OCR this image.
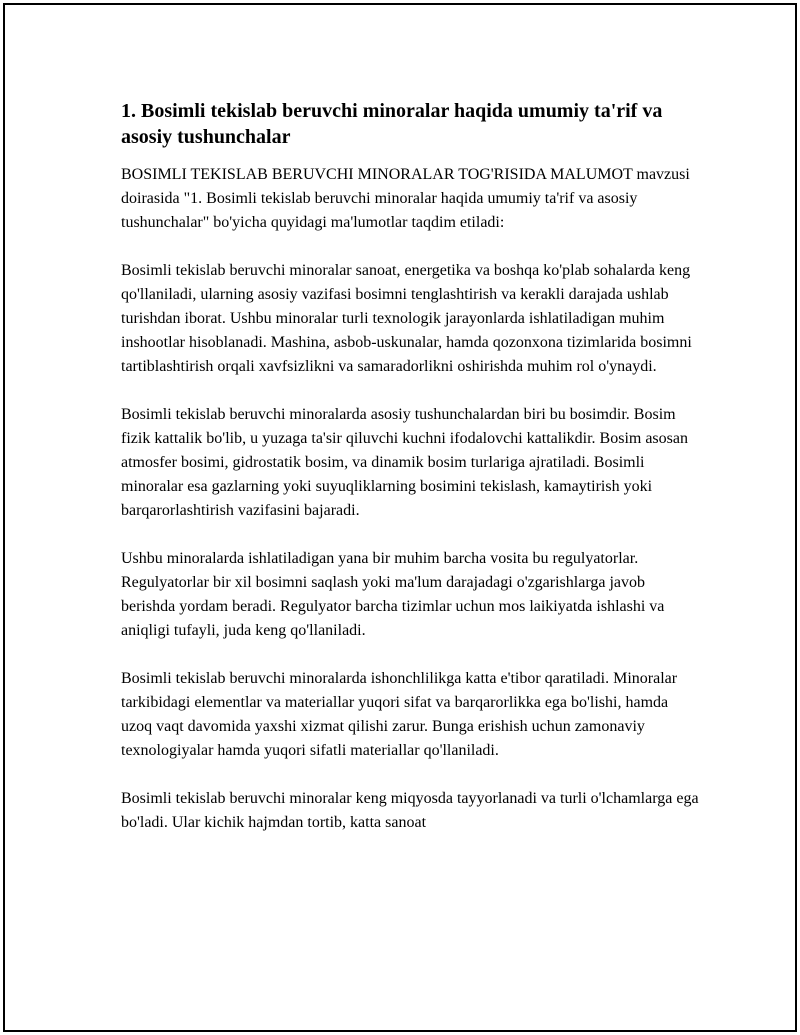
1. Bosimli tekislab beruvchi minoralar haqida umumiy ta'rif va asosiy tushunchalar

BOSIMLI TEKISLAB BERUVCHI MINORALAR TOG'RISIDA MALUMOT mavzusi doirasida "1. Bosimli tekislab beruvchi minoralar haqida umumiy ta'rif va asosiy tushunchalar" bo'yicha quyidagi ma'lumotlar taqdim etiladi:

Bosimli tekislab beruvchi minoralar sanoat, energetika va boshqa ko'plab sohalarda keng qo'llaniladi, ularning asosiy vazifasi bosimni tenglashtirish va kerakli darajada ushlab turishdan iborat. Ushbu minoralar turli texnologik jarayonlarda ishlatiladigan muhim inshootlar hisoblanadi. Mashina, asbob-uskunalar, hamda qozonxona tizimlarida bosimni tartiblashtirish orqali xavfsizlikni va samaradorlikni oshirishda muhim rol o'ynaydi.

Bosimli tekislab beruvchi minoralarda asosiy tushunchalardan biri bu bosimdir. Bosim fizik kattalik bo'lib, u yuzaga ta'sir qiluvchi kuchni ifodalovchi kattalikdir. Bosim asosan atmosfer bosimi, gidrostatik bosim, va dinamik bosim turlariga ajratiladi. Bosimli minoralar esa gazlarning yoki suyuqliklarning bosimini tekislash, kamaytirish yoki barqarorlashtirish vazifasini bajaradi.

Ushbu minoralarda ishlatiladigan yana bir muhim barcha vosita bu regulyatorlar. Regulyatorlar bir xil bosimni saqlash yoki ma'lum darajadagi o'zgarishlarga javob berishda yordam beradi. Regulyator barcha tizimlar uchun mos laikiyatda ishlashi va aniqligi tufayli, juda keng qo'llaniladi.

Bosimli tekislab beruvchi minoralarda ishonchlilikga katta e'tibor qaratiladi. Minoralar tarkibidagi elementlar va materiallar yuqori sifat va barqarorlikka ega bo'lishi, hamda uzoq vaqt davomida yaxshi xizmat qilishi zarur. Bunga erishish uchun zamonaviy texnologiyalar hamda yuqori sifatli materiallar qo'llaniladi.

Bosimli tekislab beruvchi minoralar keng miqyosda tayyorlanadi va turli o'lchamlarga ega bo'ladi. Ular kichik hajmdan tortib, katta sanoat
